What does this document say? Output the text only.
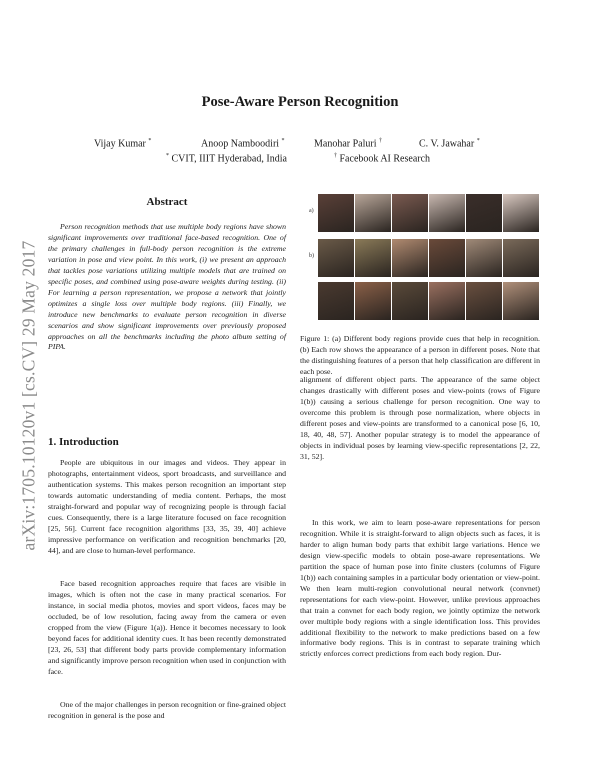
arXiv:1705.10120v1 [cs.CV] 29 May 2017
Pose-Aware Person Recognition
Vijay Kumar *	Anoop Namboodiri *	Manohar Paluri †	C. V. Jawahar *
* CVIT, IIIT Hyderabad, India	† Facebook AI Research
Abstract
Person recognition methods that use multiple body regions have shown significant improvements over traditional face-based recognition. One of the primary challenges in full-body person recognition is the extreme variation in pose and view point. In this work, (i) we present an approach that tackles pose variations utilizing multiple models that are trained on specific poses, and combined using pose-aware weights during testing. (ii) For learning a person representation, we propose a network that jointly optimizes a single loss over multiple body regions. (iii) Finally, we introduce new benchmarks to evaluate person recognition in diverse scenarios and show significant improvements over previously proposed approaches on all the benchmarks including the photo album setting of PIPA.
1. Introduction
People are ubiquitous in our images and videos. They appear in photographs, entertainment videos, sport broadcasts, and surveillance and authentication systems. This makes person recognition an important step towards automatic understanding of media content. Perhaps, the most straight-forward and popular way of recognizing people is through facial cues. Consequently, there is a large literature focused on face recognition [25, 56]. Current face recognition algorithms [33, 35, 39, 40] achieve impressive performance on verification and recognition benchmarks [20, 44], and are close to human-level performance.
Face based recognition approaches require that faces are visible in images, which is often not the case in many practical scenarios. For instance, in social media photos, movies and sport videos, faces may be occluded, be of low resolution, facing away from the camera or even cropped from the view (Figure 1(a)). Hence it becomes necessary to look beyond faces for additional identity cues. It has been recently demonstrated [23, 26, 53] that different body parts provide complementary information and significantly improve person recognition when used in conjunction with face.
One of the major challenges in person recognition or fine-grained object recognition in general is the pose and
a)
b)
Figure 1: (a) Different body regions provide cues that help in recognition. (b) Each row shows the appearance of a person in different poses. Note that the distinguishing features of a person that help classification are different in each pose.
alignment of different object parts. The appearance of the same object changes drastically with different poses and view-points (rows of Figure 1(b)) causing a serious challenge for person recognition. One way to overcome this problem is through pose normalization, where objects in different poses and view-points are transformed to a canonical pose [6, 10, 18, 40, 48, 57]. Another popular strategy is to model the appearance of objects in individual poses by learning view-specific representations [2, 22, 31, 52].
In this work, we aim to learn pose-aware representations for person recognition. While it is straight-forward to align objects such as faces, it is harder to align human body parts that exhibit large variations. Hence we design view-specific models to obtain pose-aware representations. We partition the space of human pose into finite clusters (columns of Figure 1(b)) each containing samples in a particular body orientation or view-point. We then learn multi-region convolutional neural network (convnet) representations for each view-point. However, unlike previous approaches that train a convnet for each body region, we jointly optimize the network over multiple body regions with a single identification loss. This provides additional flexibility to the network to make predictions based on a few informative body regions. This is in contrast to separate training which strictly enforces correct predictions from each body region. Dur-
